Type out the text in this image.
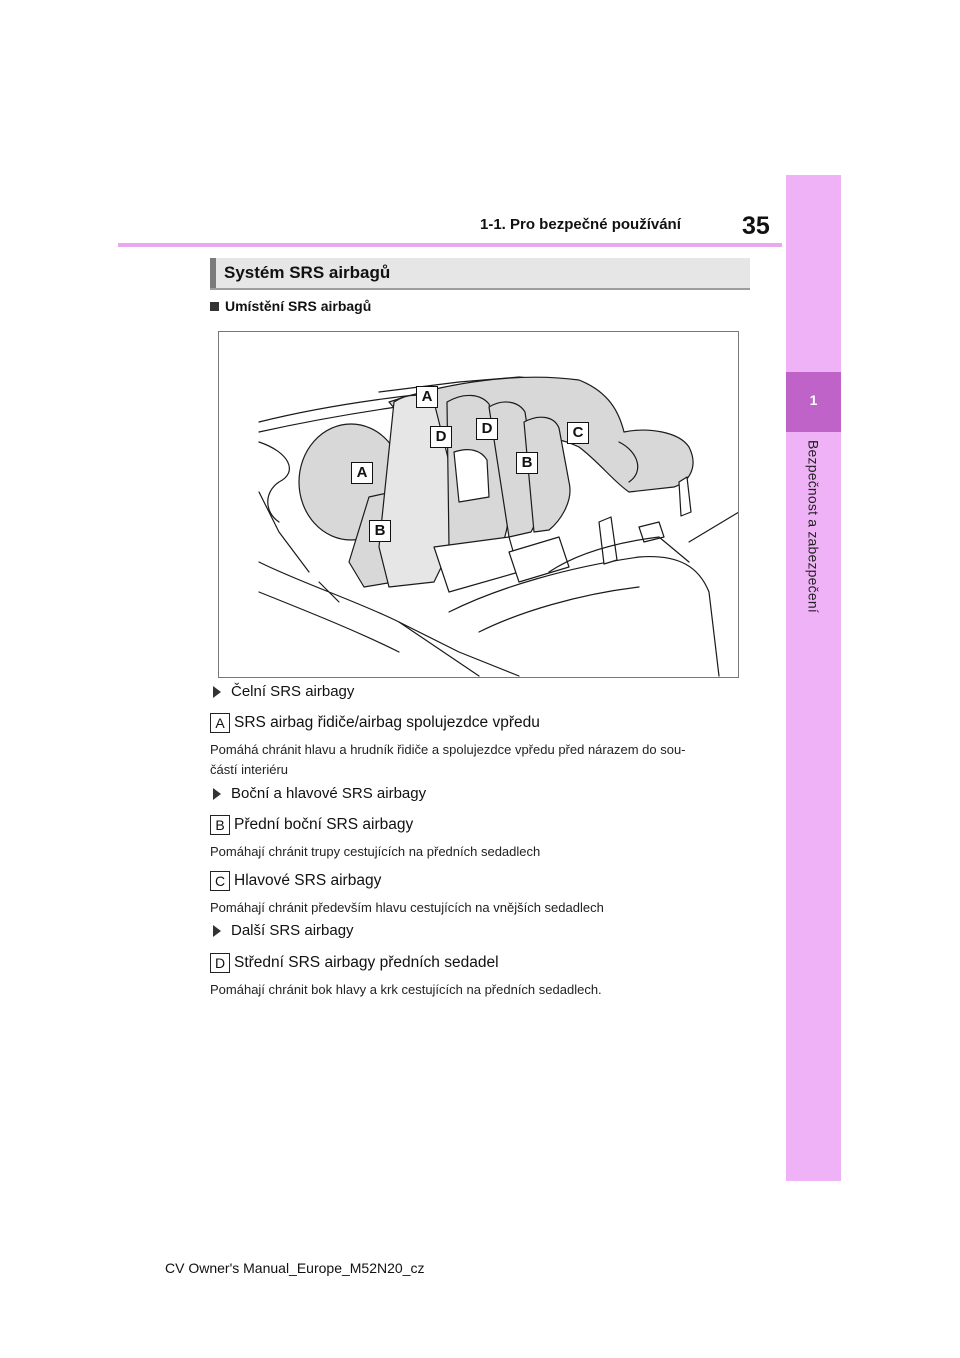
1-1. Pro bezpečné používání 35
1
Bezpečnost a zabezpečení
Systém SRS airbagů
Umístění SRS airbagů
A
A
B
B
C
D	D
Čelní SRS airbagy
A SRS airbag řidiče/airbag spolujezdce vpředu
Pomáhá chránit hlavu a hrudník řidiče a spolujezdce vpředu před nárazem do sou-
částí interiéru
Boční a hlavové SRS airbagy
B Přední boční SRS airbagy
Pomáhají chránit trupy cestujících na předních sedadlech
C Hlavové SRS airbagy
Pomáhají chránit především hlavu cestujících na vnějších sedadlech
Další SRS airbagy
D Střední SRS airbagy předních sedadel
Pomáhají chránit bok hlavy a krk cestujících na předních sedadlech.
CV Owner's Manual_Europe_M52N20_cz
